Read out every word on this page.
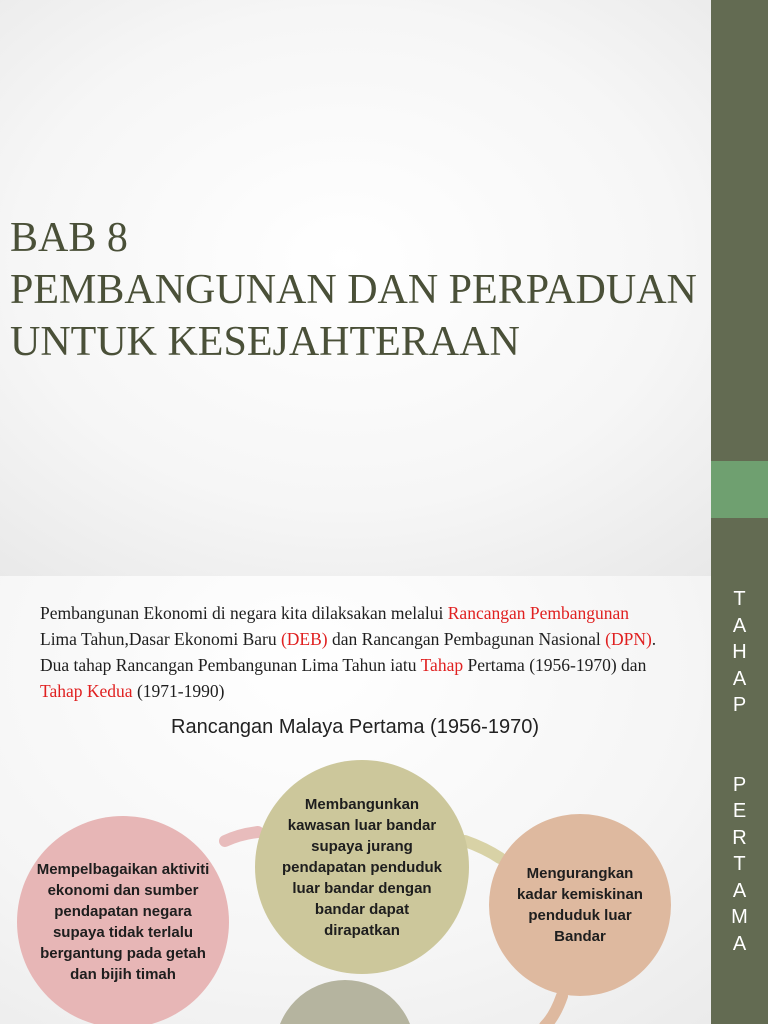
BAB 8
PEMBANGUNAN DAN PERPADUAN
UNTUK KESEJAHTERAAN
T
A
H
A
P
P
E
R
T
A
M
A
Pembangunan Ekonomi di negara kita dilaksakan melalui Rancangan Pembangunan Lima Tahun,Dasar Ekonomi Baru (DEB) dan Rancangan Pembagunan Nasional (DPN). Dua tahap Rancangan Pembangunan Lima Tahun iatu Tahap Pertama (1956-1970) dan Tahap Kedua (1971-1990)
Rancangan Malaya Pertama (1956-1970)
Mempelbagaikan aktiviti ekonomi dan sumber pendapatan negara supaya tidak terlalu bergantung pada getah dan bijih timah
Membangunkan kawasan luar bandar supaya jurang pendapatan penduduk luar bandar dengan bandar dapat dirapatkan
Mengurangkan kadar kemiskinan penduduk luar Bandar
